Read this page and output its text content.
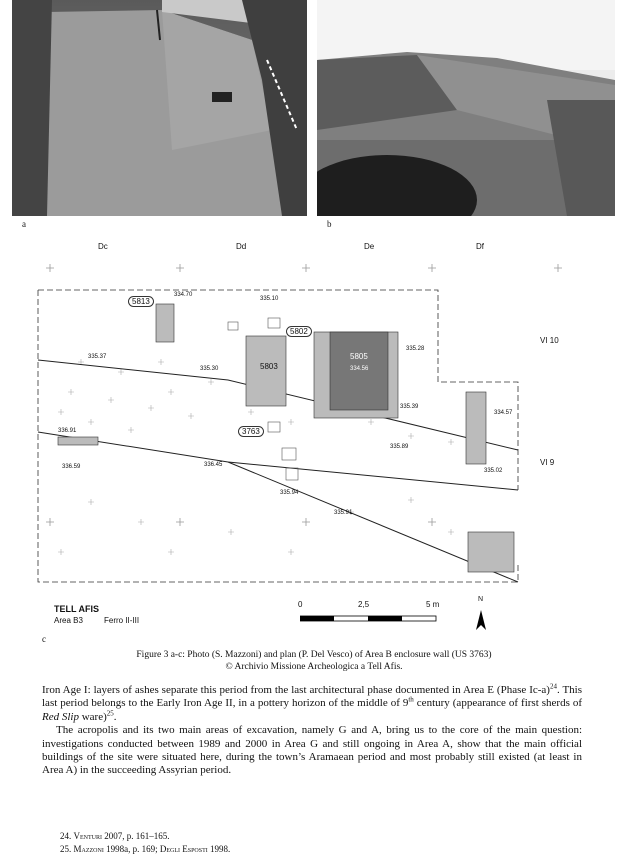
a	b
Dc	Dd	De	Df
VI 10
VI 9
5813
5802
5803
5805
3763
334.70
335.10
335.37
335.30
335.28
334.56
335.39
334.57
336.91
336.59	336.45
335.89
335.02
335.94
335.91
TELL AFIS
Area B3	Ferro II-III
0	2,5	5 m
N
c
Figure 3 a-c: Photo (S. Mazzoni) and plan (P. Del Vesco) of Area B enclosure wall (US 3763)
© Archivio Missione Archeologica a Tell Afis.

Iron Age I: layers of ashes separate this period from the last architectural phase documented in Area E (Phase Ic-a)$^{24}$. This last period belongs to the Early Iron Age II, in a pottery horizon of the middle of 9th century (appearance of first sherds of Red Slip ware)$^{25}$.

The acropolis and its two main areas of excavation, namely G and A, bring us to the core of the main question: investigations conducted between 1989 and 2000 in Area G and still ongoing in Area A, show that the main official buildings of the site were situated here, during the town’s Aramaean period and most probably still existed (at least in Area A) in the succeeding Assyrian period.

24. Venturi 2007, p. 161–165.
25. Mazzoni 1998a, p. 169; Degli Esposti 1998.
